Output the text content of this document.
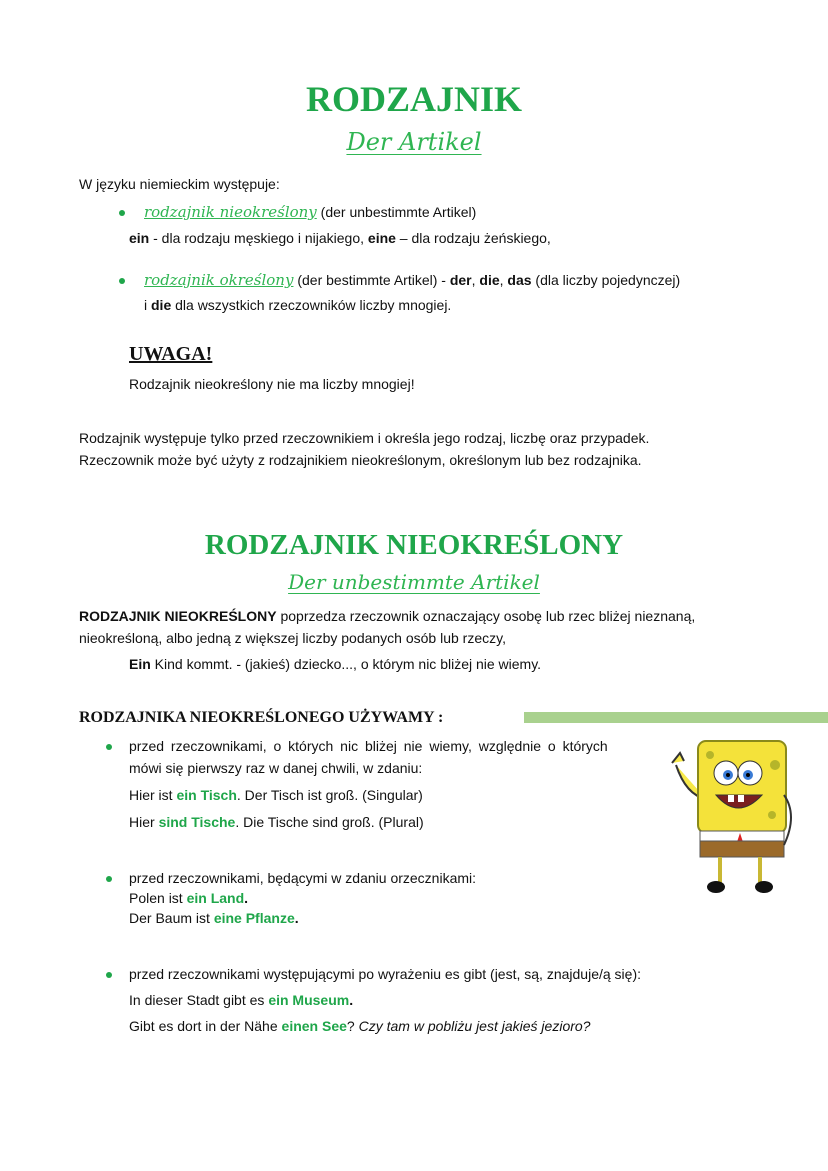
RODZAJNIK
Der Artikel
W języku niemieckim występuje:
rodzajnik nieokreślony (der unbestimmte Artikel)
ein - dla rodzaju męskiego i nijakiego, eine – dla rodzaju żeńskiego,
rodzajnik określony (der bestimmte Artikel) - der, die, das (dla liczby pojedynczej)
i die dla wszystkich rzeczowników liczby mnogiej.
UWAGA!
Rodzajnik nieokreślony nie ma liczby mnogiej!
Rodzajnik występuje tylko przed rzeczownikiem i określa jego rodzaj, liczbę oraz przypadek.
Rzeczownik może być użyty z rodzajnikiem nieokreślonym, określonym lub bez rodzajnika.
RODZAJNIK NIEOKREŚLONY
Der unbestimmte Artikel
RODZAJNIK NIEOKREŚLONY poprzedza rzeczownik oznaczający osobę lub rzec bliżej nieznaną,
nieokreśloną, albo jedną z większej liczby podanych osób lub rzeczy,
Ein Kind kommt. - (jakieś) dziecko..., o którym nic bliżej nie wiemy.
RODZAJNIKA NIEOKREŚLONEGO UŻYWAMY :
przed rzeczownikami, o których nic bliżej nie wiemy, względnie o których
mówi się pierwszy raz w danej chwili, w zdaniu:
Hier ist ein Tisch. Der Tisch ist groß. (Singular)
Hier sind Tische. Die Tische sind groß. (Plural)
przed rzeczownikami, będącymi w zdaniu orzecznikami:
Polen ist ein Land.
Der Baum ist eine Pflanze.
przed rzeczownikami występującymi po wyrażeniu es gibt (jest, są, znajduje/ą się):
In dieser Stadt gibt es ein Museum.
Gibt es dort in der Nähe einen See? Czy tam w pobliżu jest jakieś jezioro?
